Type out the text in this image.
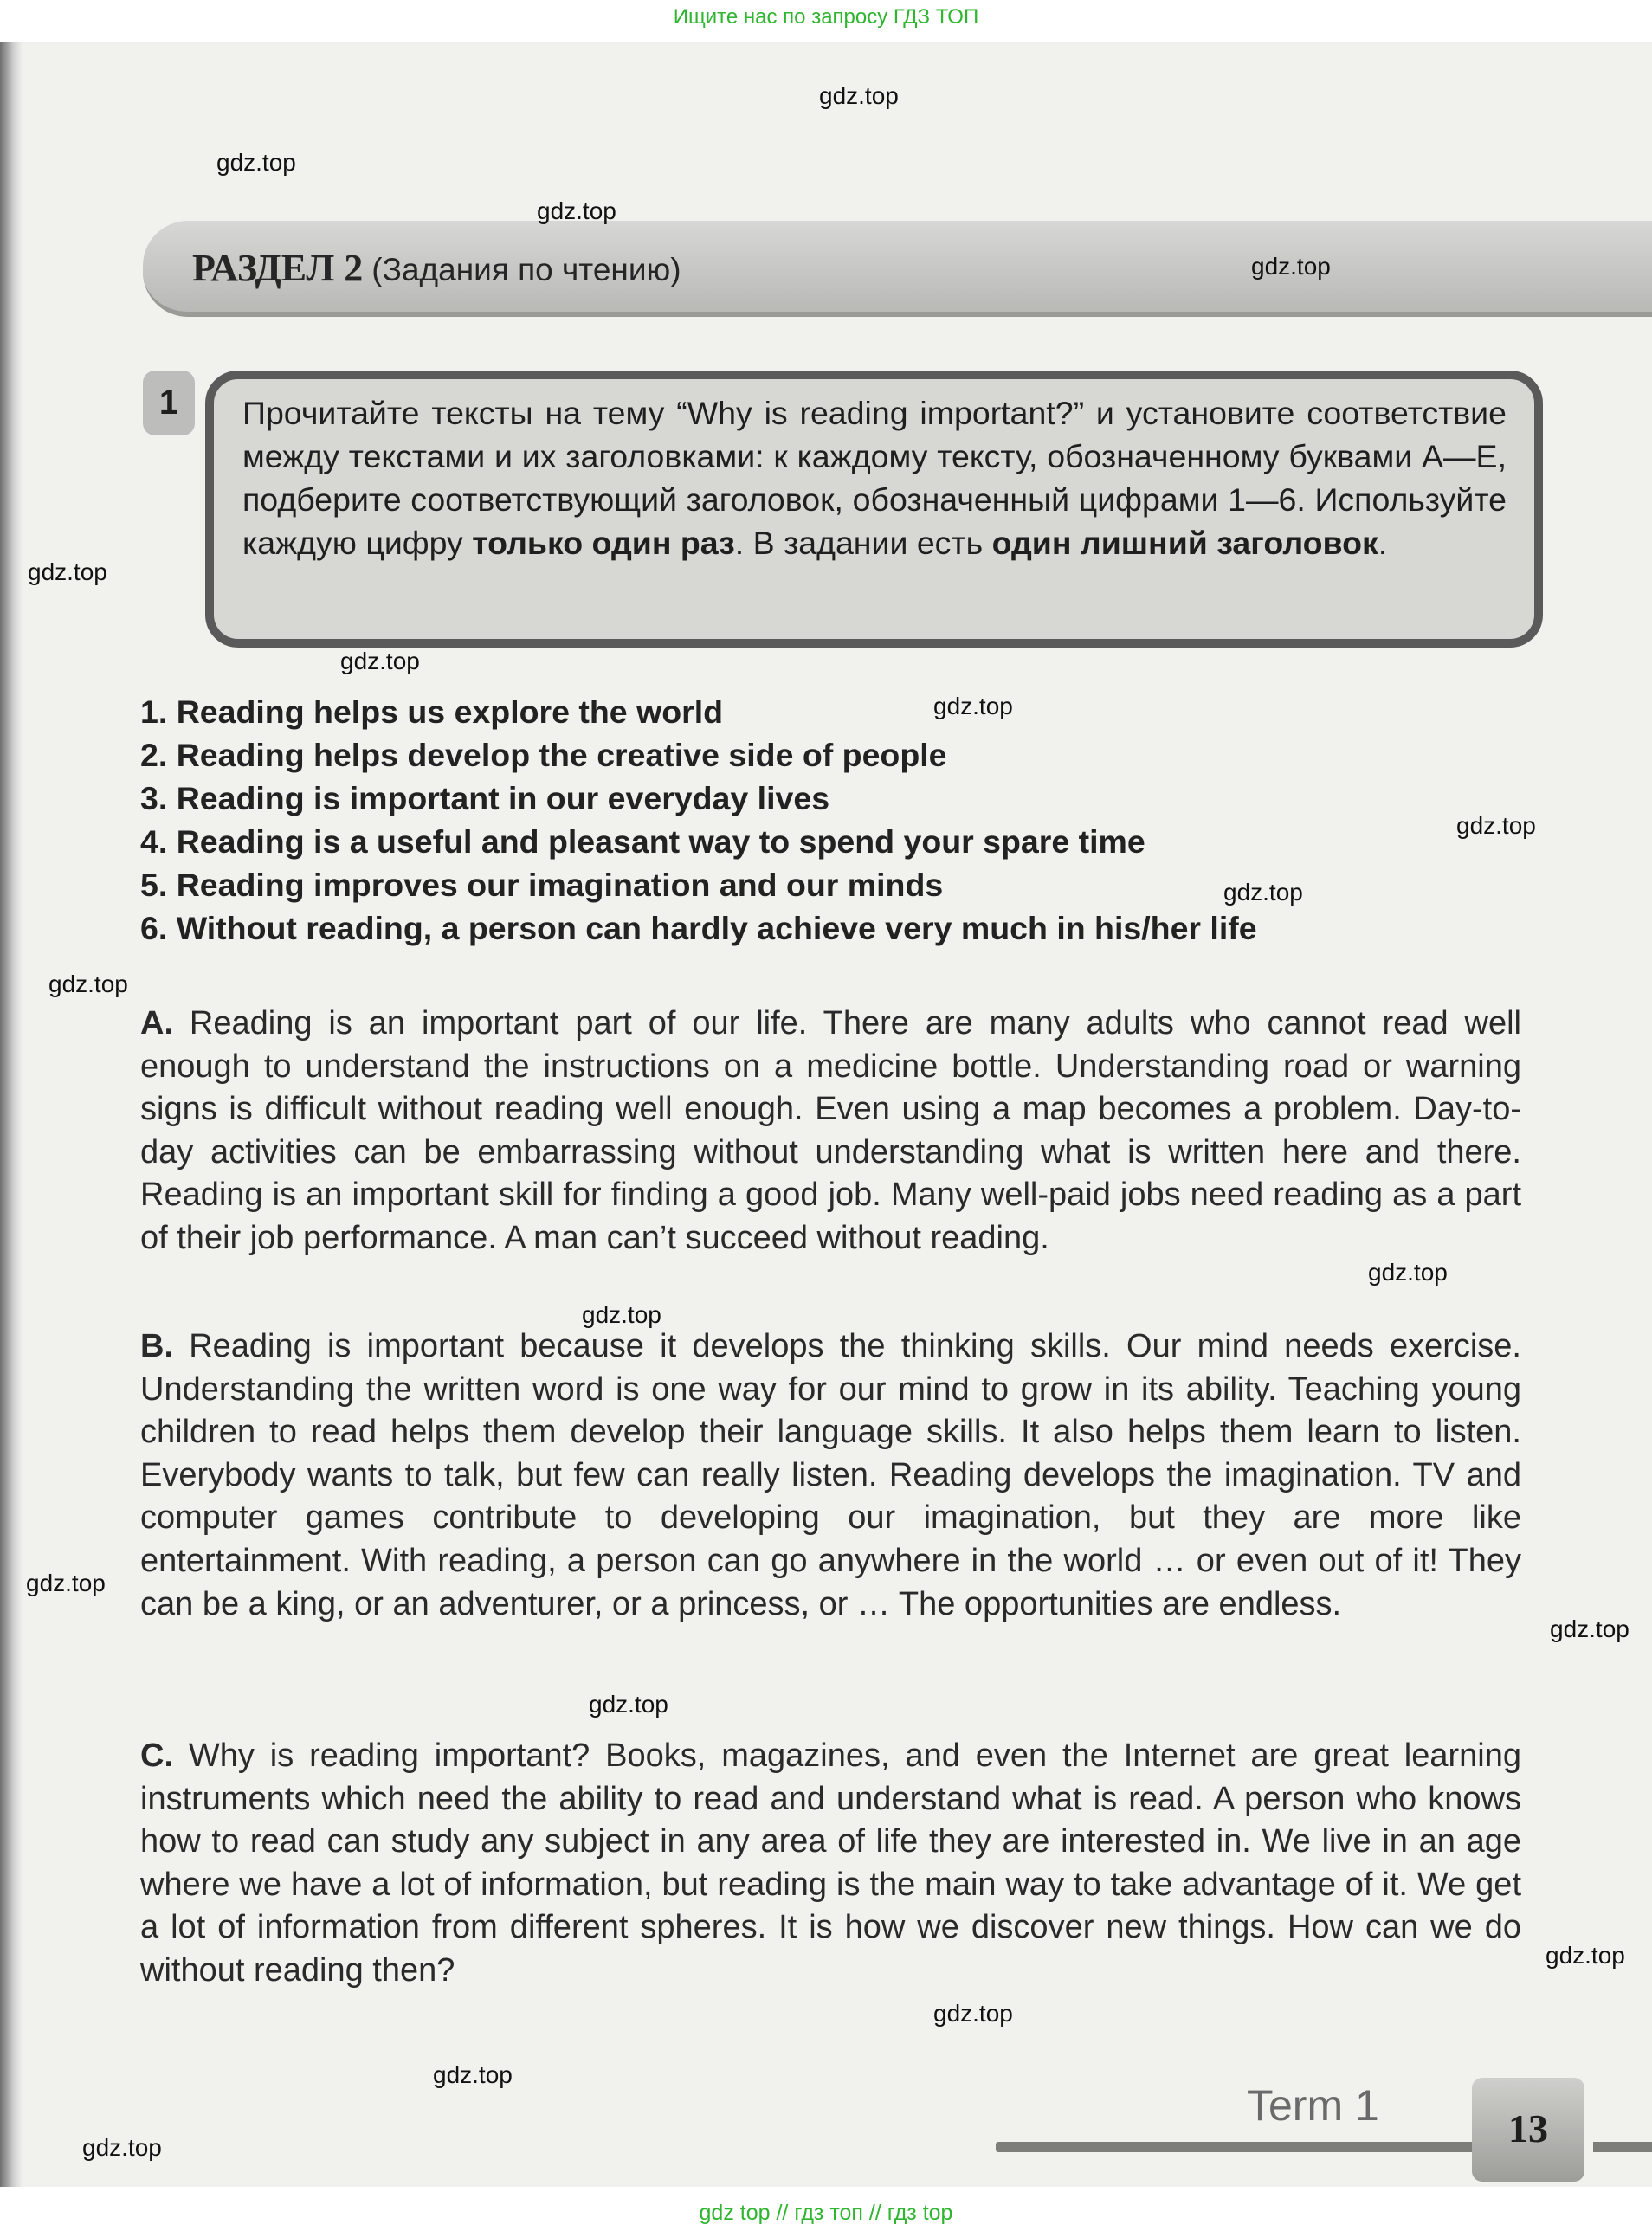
Ищите нас по запросу ГДЗ ТОП
РАЗДЕЛ 2 (Задания по чтению)
1	Прочитайте тексты на тему “Why is reading important?” и установите соответствие между текстами и их заголовками: к каждому тексту, обозначенному буквами A—E, подберите соответствующий заголовок, обозначенный цифрами 1—6. Используйте каждую цифру только один раз. В задании есть один лишний заголовок.
1. Reading helps us explore the world
2. Reading helps develop the creative side of people
3. Reading is important in our everyday lives
4. Reading is a useful and pleasant way to spend your spare time
5. Reading improves our imagination and our minds
6. Without reading, a person can hardly achieve very much in his/her life
A. Reading is an important part of our life. There are many adults who cannot read well enough to understand the instructions on a medicine bottle. Understanding road or warning signs is difficult without reading well enough. Even using a map becomes a problem. Day-to-day activities can be embarrassing without understanding what is written here and there. Reading is an important skill for finding a good job. Many well-paid jobs need reading as a part of their job performance. A man can’t succeed without reading.
B. Reading is important because it develops the thinking skills. Our mind needs exercise. Understanding the written word is one way for our mind to grow in its ability. Teaching young children to read helps them develop their language skills. It also helps them learn to listen. Everybody wants to talk, but few can really listen. Reading develops the imagination. TV and computer games contribute to developing our imagination, but they are more like entertainment. With reading, a person can go anywhere in the world … or even out of it! They can be a king, or an adventurer, or a princess, or … The opportunities are endless.
C. Why is reading important? Books, magazines, and even the Internet are great learning instruments which need the ability to read and understand what is read. A person who knows how to read can study any subject in any area of life they are interested in. We live in an age where we have a lot of information, but reading is the main way to take advantage of it. We get a lot of information from different spheres. It is how we discover new things. How can we do without reading then?
Term 1	13
gdz.top
gdz.top
gdz.top
gdz.top
gdz.top
gdz.top
gdz.top
gdz.top
gdz.top
gdz.top
gdz.top
gdz.top
gdz.top
gdz.top
gdz.top
gdz.top
gdz.top
gdz.top
gdz.top
gdz top // гдз топ // гдз top
